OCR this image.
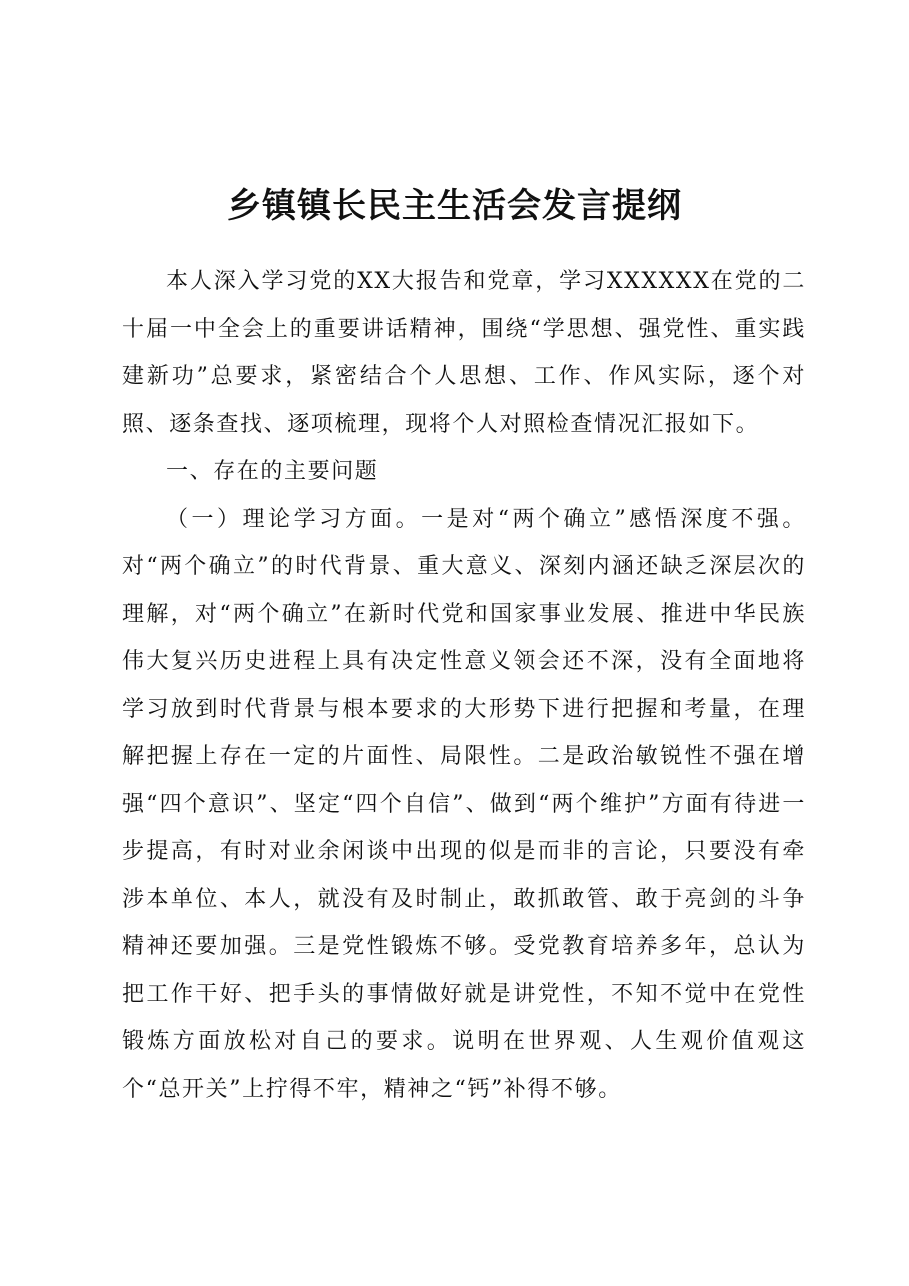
乡镇镇长民主生活会发言提纲

本人深入学习党的XX大报告和党章，学习XXXXXX在党的二十届一中全会上的重要讲话精神，围绕“学思想、强党性、重实践建新功”总要求，紧密结合个人思想、工作、作风实际，逐个对照、逐条查找、逐项梳理，现将个人对照检查情况汇报如下。

一、存在的主要问题

（一）理论学习方面。一是对“两个确立”感悟深度不强。对“两个确立”的时代背景、重大意义、深刻内涵还缺乏深层次的理解，对“两个确立”在新时代党和国家事业发展、推进中华民族伟大复兴历史进程上具有决定性意义领会还不深，没有全面地将学习放到时代背景与根本要求的大形势下进行把握和考量，在理解把握上存在一定的片面性、局限性。二是政治敏锐性不强在增强“四个意识”、坚定“四个自信”、做到“两个维护”方面有待进一步提高，有时对业余闲谈中出现的似是而非的言论，只要没有牵涉本单位、本人，就没有及时制止，敢抓敢管、敢于亮剑的斗争精神还要加强。三是党性锻炼不够。受党教育培养多年，总认为把工作干好、把手头的事情做好就是讲党性，不知不觉中在党性锻炼方面放松对自己的要求。说明在世界观、人生观价值观这个“总开关”上拧得不牢，精神之“钙”补得不够。
